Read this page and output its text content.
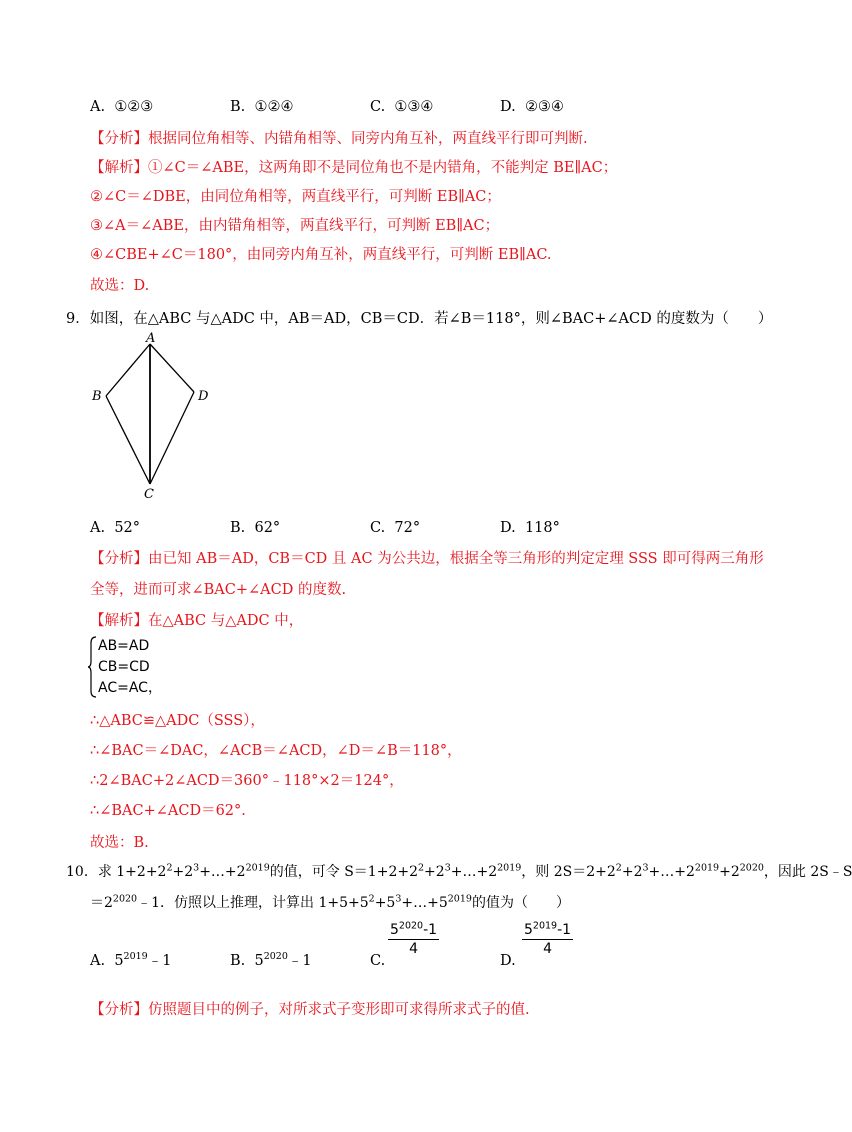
A. ①②③	B. ①②④	C. ①③④	D. ②③④
【分析】根据同位角相等、内错角相等、同旁内角互补，两直线平行即可判断.
【解析】①∠C＝∠ABE，这两角即不是同位角也不是内错角，不能判定 BE∥AC；
②∠C＝∠DBE，由同位角相等，两直线平行，可判断 EB∥AC；
③∠A＝∠ABE，由内错角相等，两直线平行，可判断 EB∥AC；
④∠CBE+∠C＝180°，由同旁内角互补，两直线平行，可判断 EB∥AC.
故选：D.
9．如图，在△ABC 与△ADC 中，AB＝AD，CB＝CD．若∠B＝118°，则∠BAC+∠ACD 的度数为（　　）
A
B	D
C
A. 52°	B. 62°	C. 72°	D. 118°
【分析】由已知 AB＝AD，CB＝CD 且 AC 为公共边，根据全等三角形的判定定理 SSS 即可得两三角形
全等，进而可求∠BAC+∠ACD 的度数.
【解析】在△ABC 与△ADC 中，
AB=AD
CB=CD
AC=AC，
∴△ABC≌△ADC（SSS），
∴∠BAC＝∠DAC，∠ACB＝∠ACD，∠D＝∠B＝118°，
∴2∠BAC+2∠ACD＝360°﹣118°×2＝124°，
∴∠BAC+∠ACD＝62°.
故选：B.
10．求 $1+2+2^2+2^3+\dots+2^{2019}$的值，可令 $S=1+2+2^2+2^3+\dots+2^{2019}$，则 $2S=2+2^2+2^3+\dots+2^{2019}+2^{2020}$，因此 2S﹣S
$=2^{2020}﹣1$．仿照以上推理，计算出 $1+5+5^2+5^3+\dots+5^{2019}$的值为（　　）
A. $5^{2019}﹣1$	B. $5^{2020}﹣1$	C.
$\frac{5^{2020}-1}{4}$
D.
$\frac{5^{2019}-1}{4}$
【分析】仿照题目中的例子，对所求式子变形即可求得所求式子的值.
